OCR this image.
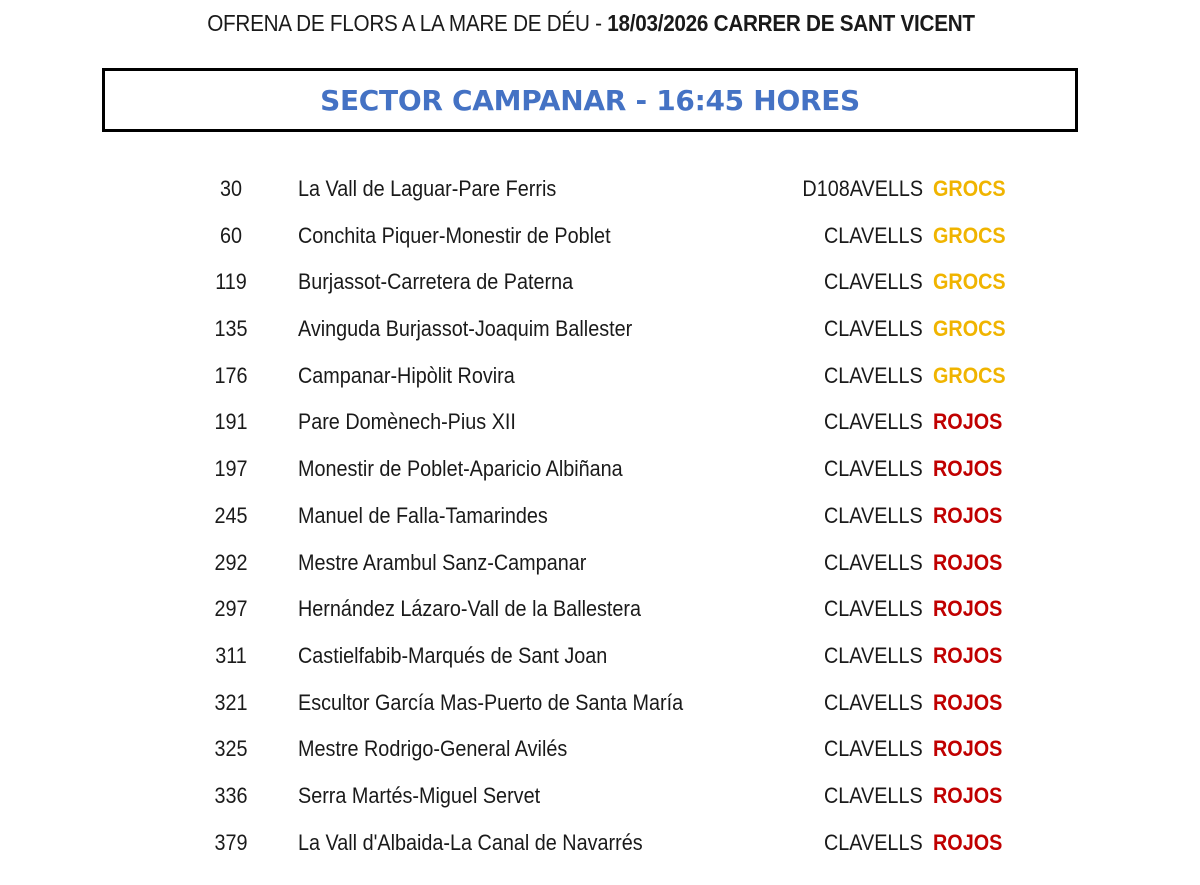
OFRENA DE FLORS A LA MARE DE DÉU - 18/03/2026 CARRER DE SANT VICENT
SECTOR CAMPANAR - 16:45 HORES
30	La Vall de Laguar-Pare Ferris	D108AVELLS GROCS
60	Conchita Piquer-Monestir de Poblet	CLAVELLS GROCS
119	Burjassot-Carretera de Paterna	CLAVELLS GROCS
135	Avinguda Burjassot-Joaquim Ballester	CLAVELLS GROCS
176	Campanar-Hipòlit Rovira	CLAVELLS GROCS
191	Pare Domènech-Pius XII	CLAVELLS ROJOS
197	Monestir de Poblet-Aparicio Albiñana	CLAVELLS ROJOS
245	Manuel de Falla-Tamarindes	CLAVELLS ROJOS
292	Mestre Arambul Sanz-Campanar	CLAVELLS ROJOS
297	Hernández Lázaro-Vall de la Ballestera	CLAVELLS ROJOS
311	Castielfabib-Marqués de Sant Joan	CLAVELLS ROJOS
321	Escultor García Mas-Puerto de Santa María	CLAVELLS ROJOS
325	Mestre Rodrigo-General Avilés	CLAVELLS ROJOS
336	Serra Martés-Miguel Servet	CLAVELLS ROJOS
379	La Vall d'Albaida-La Canal de Navarrés	CLAVELLS ROJOS
